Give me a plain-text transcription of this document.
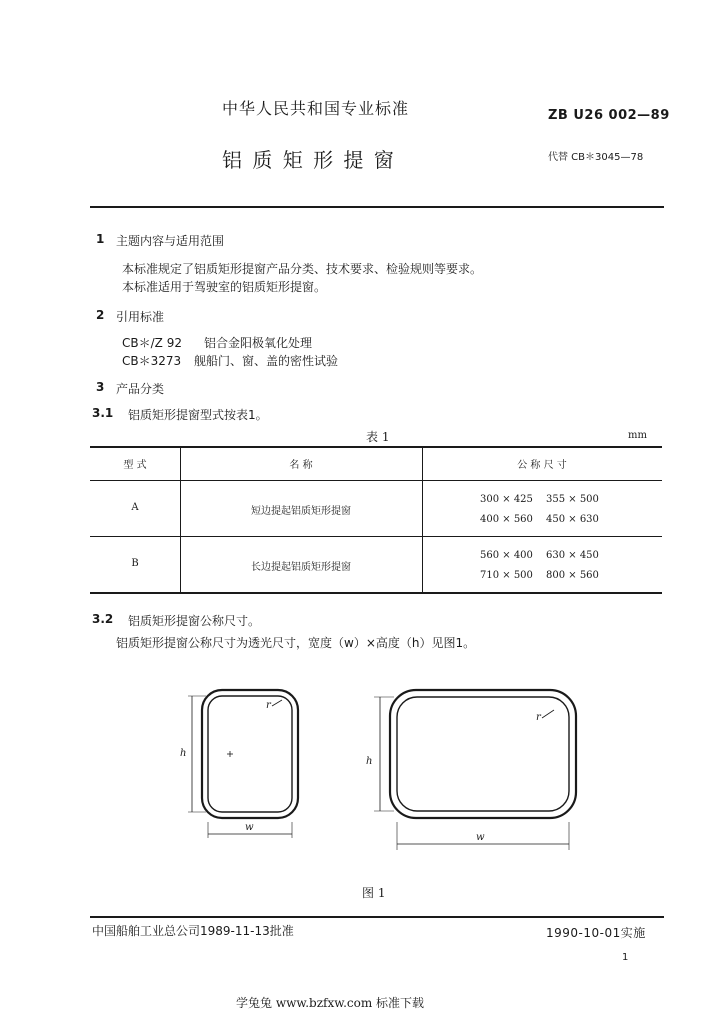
中华人民共和国专业标准	ZB U26 002—89
铝 质 矩 形 提 窗	代替 CB＊3045—78
1 主题内容与适用范围
本标准规定了铝质矩形提窗产品分类、技术要求、检验规则等要求。
本标准适用于驾驶室的铝质矩形提窗。
2 引用标准
CB＊/Z 92 铝合金阳极氧化处理
CB＊3273 舰船门、窗、盖的密性试验
3 产品分类
3.1 铝质矩形提窗型式按表1。
表 1	mm
型 式	名 称	公 称 尺 寸
A	短边提起铝质矩形提窗
300 × 425 355 × 500
400 × 560 450 × 630
B	长边提起铝质矩形提窗
560 × 400 630 × 450
710 × 500 800 × 560
3.2 铝质矩形提窗公称尺寸。
铝质矩形提窗公称尺寸为透光尺寸，宽度（w）×高度（h）见图1。
h
w
r
h
w
r
图 1
中国船舶工业总公司1989-11-13批准	1990-10-01实施
1
学兔兔 www.bzfxw.com 标准下载
